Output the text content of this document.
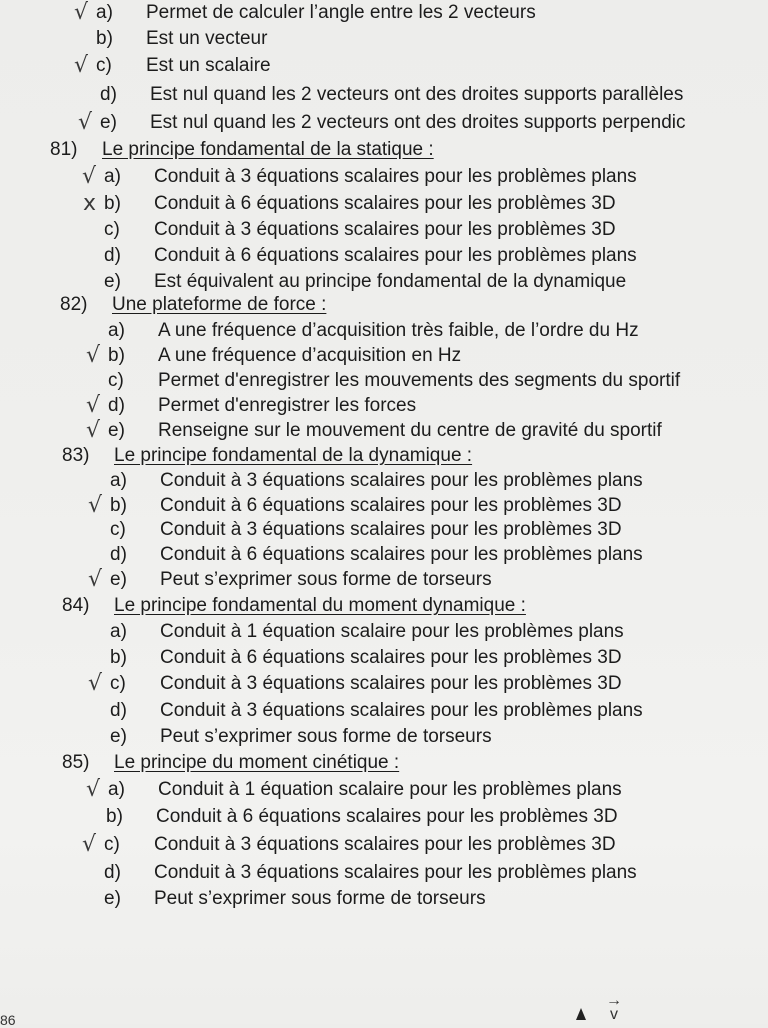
√ a) Permet de calculer l’angle entre les 2 vecteurs
b) Est un vecteur
√ c) Est un scalaire
d) Est nul quand les 2 vecteurs ont des droites supports parallèles
√ e) Est nul quand les 2 vecteurs ont des droites supports perpendic
81) Le principe fondamental de la statique :
√ a) Conduit à 3 équations scalaires pour les problèmes plans
x b) Conduit à 6 équations scalaires pour les problèmes 3D
c) Conduit à 3 équations scalaires pour les problèmes 3D
d) Conduit à 6 équations scalaires pour les problèmes plans
e) Est équivalent au principe fondamental de la dynamique
82) Une plateforme de force :
a) A une fréquence d’acquisition très faible, de l’ordre du Hz
√ b) A une fréquence d’acquisition en Hz
c) Permet d'enregistrer les mouvements des segments du sportif
√ d) Permet d'enregistrer les forces
√ e) Renseigne sur le mouvement du centre de gravité du sportif
83) Le principe fondamental de la dynamique :
a) Conduit à 3 équations scalaires pour les problèmes plans
√ b) Conduit à 6 équations scalaires pour les problèmes 3D
c) Conduit à 3 équations scalaires pour les problèmes 3D
d) Conduit à 6 équations scalaires pour les problèmes plans
√ e) Peut s’exprimer sous forme de torseurs
84) Le principe fondamental du moment dynamique :
a) Conduit à 1 équation scalaire pour les problèmes plans
b) Conduit à 6 équations scalaires pour les problèmes 3D
√ c) Conduit à 3 équations scalaires pour les problèmes 3D
d) Conduit à 3 équations scalaires pour les problèmes plans
e) Peut s’exprimer sous forme de torseurs
85) Le principe du moment cinétique :
√ a) Conduit à 1 équation scalaire pour les problèmes plans
b) Conduit à 6 équations scalaires pour les problèmes 3D
√ c) Conduit à 3 équations scalaires pour les problèmes 3D
d) Conduit à 3 équations scalaires pour les problèmes plans
e) Peut s’exprimer sous forme de torseurs
86
→
v
